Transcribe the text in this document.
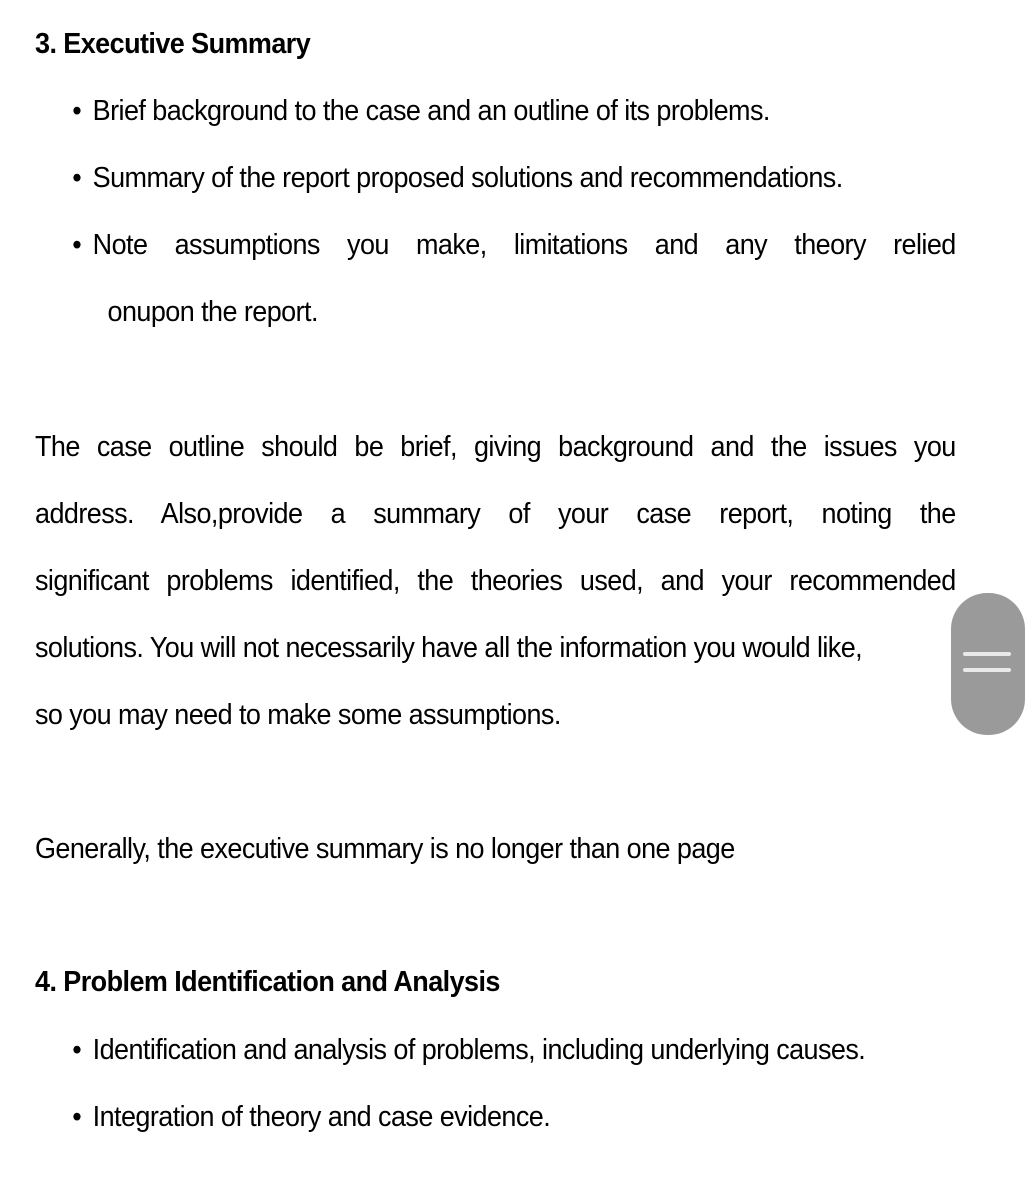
3. Executive Summary
• Brief background to the case and an outline of its problems.
• Summary of the report proposed solutions and recommendations.
• Note assumptions you make, limitations and any theory relied
onupon the report.
The case outline should be brief, giving background and the issues you
address. Also,provide a summary of your case report, noting the
significant problems identified, the theories used, and your recommended
solutions. You will not necessarily have all the information you would like,
so you may need to make some assumptions.
Generally, the executive summary is no longer than one page
4. Problem Identification and Analysis
• Identification and analysis of problems, including underlying causes.
• Integration of theory and case evidence.
